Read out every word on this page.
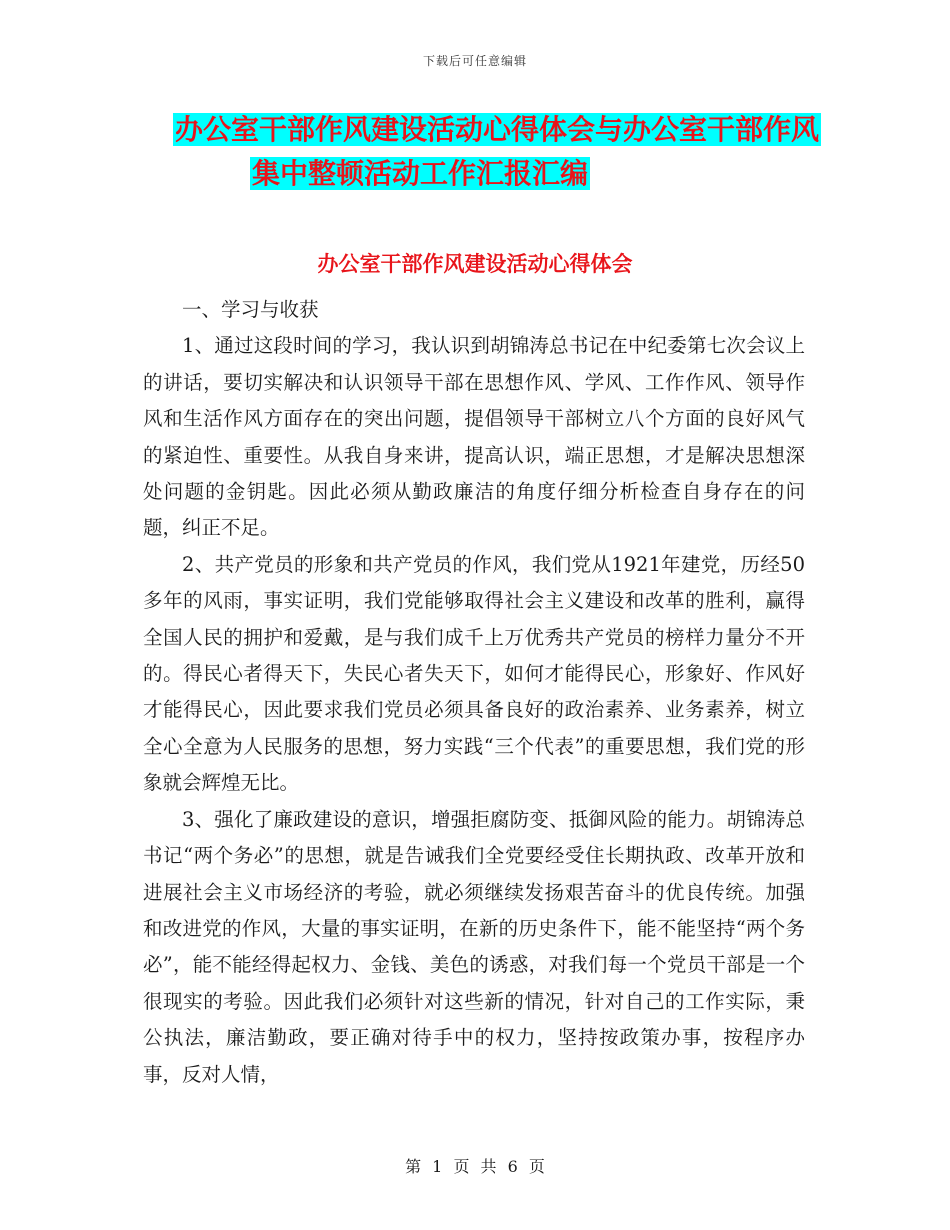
下载后可任意编辑
办公室干部作风建设活动心得体会与办公室干部作风
集中整顿活动工作汇报汇编
办公室干部作风建设活动心得体会

一、学习与收获

1、通过这段时间的学习，我认识到胡锦涛总书记在中纪委第七次会议上的讲话，要切实解决和认识领导干部在思想作风、学风、工作作风、领导作风和生活作风方面存在的突出问题，提倡领导干部树立八个方面的良好风气的紧迫性、重要性。从我自身来讲，提高认识，端正思想，才是解决思想深处问题的金钥匙。因此必须从勤政廉洁的角度仔细分析检查自身存在的问题，纠正不足。

2、共产党员的形象和共产党员的作风，我们党从1921年建党，历经50多年的风雨，事实证明，我们党能够取得社会主义建设和改革的胜利，赢得全国人民的拥护和爱戴，是与我们成千上万优秀共产党员的榜样力量分不开的。得民心者得天下，失民心者失天下，如何才能得民心，形象好、作风好才能得民心，因此要求我们党员必须具备良好的政治素养、业务素养，树立全心全意为人民服务的思想，努力实践“三个代表”的重要思想，我们党的形象就会辉煌无比。

3、强化了廉政建设的意识，增强拒腐防变、抵御风险的能力。胡锦涛总书记“两个务必”的思想，就是告诫我们全党要经受住长期执政、改革开放和进展社会主义市场经济的考验，就必须继续发扬艰苦奋斗的优良传统。加强和改进党的作风，大量的事实证明，在新的历史条件下，能不能坚持“两个务必”，能不能经得起权力、金钱、美色的诱惑，对我们每一个党员干部是一个很现实的考验。因此我们必须针对这些新的情况，针对自己的工作实际，秉公执法，廉洁勤政，要正确对待手中的权力，坚持按政策办事，按程序办事，反对人情，

第 1 页 共 6 页
